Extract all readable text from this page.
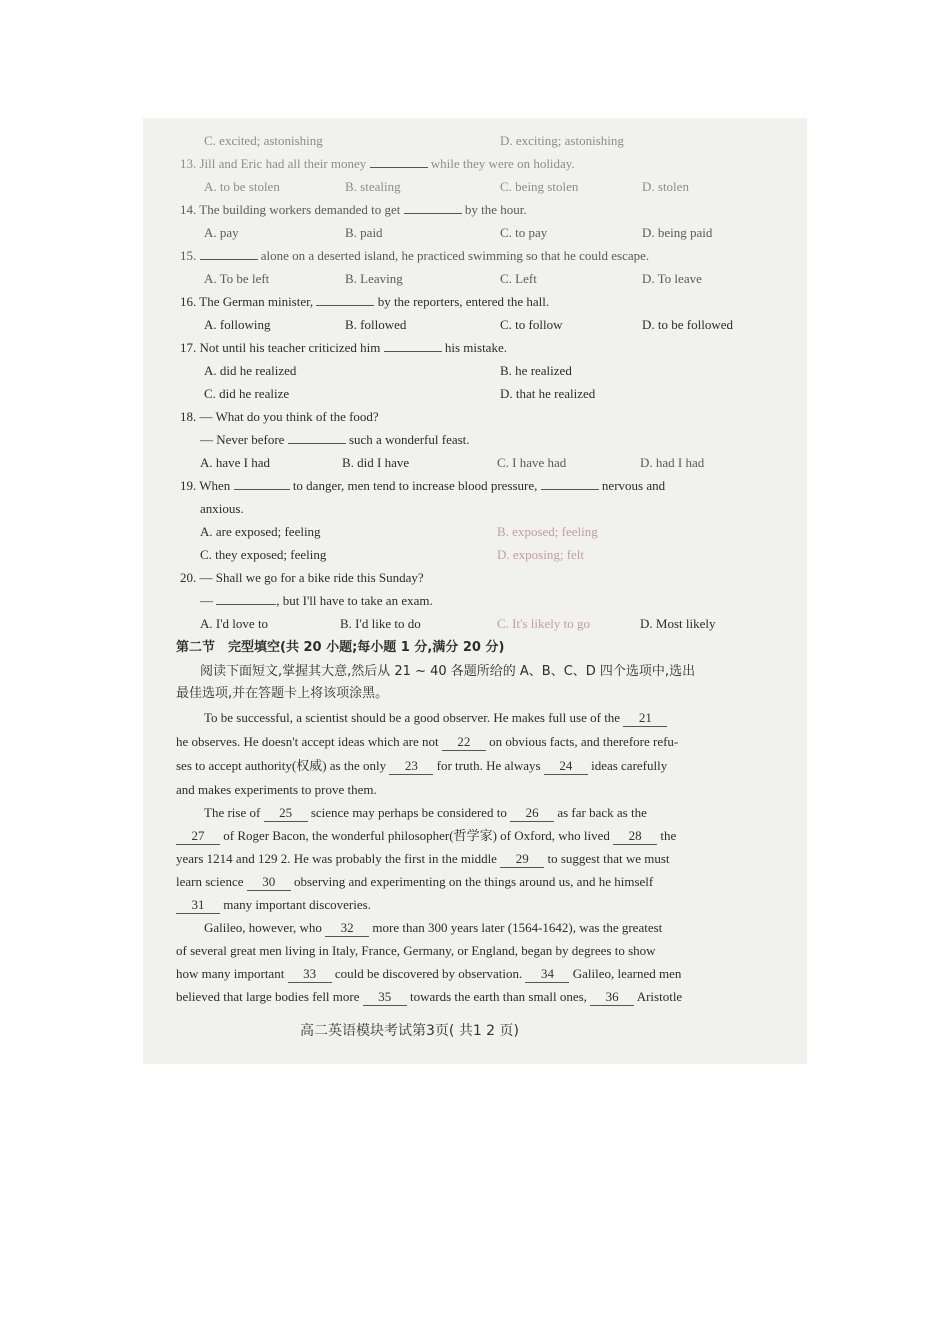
C. excited; astonishing	D. exciting; astonishing
13. Jill and Eric had all their money	while they were on holiday.
A. to be stolen	B. stealing	C. being stolen	D. stolen
14. The building workers demanded to get	by the hour.
A. pay	B. paid	C. to pay	D. being paid
15.	alone on a deserted island, he practiced swimming so that he could escape.
A. To be left	B. Leaving	C. Left	D. To leave
16. The German minister,	by the reporters, entered the hall.
A. following	B. followed	C. to follow	D. to be followed
17. Not until his teacher criticized him	his mistake.
A. did he realized	B. he realized
C. did he realize	D. that he realized
18. — What do you think of the food?
— Never before	such a wonderful feast.
A. have I had	B. did I have	C. I have had	D. had I had
19. When	to danger, men tend to increase blood pressure,	nervous and
anxious.
A. are exposed; feeling	B. exposed; feeling
C. they exposed; feeling	D. exposing; felt
20. — Shall we go for a bike ride this Sunday?
—	, but I'll have to take an exam.
A. I'd love to	B. I'd like to do	C. It's likely to go	D. Most likely
第二节　完型填空(共 20 小题;每小题 1 分,满分 20 分)
阅读下面短文,掌握其大意,然后从 21 ~ 40 各题所给的 A、B、C、D 四个选项中,选出
最佳选项,并在答题卡上将该项涂黑。
To be successful, a scientist should be a good observer. He makes full use of the 21
he observes. He doesn't accept ideas which are not 22 on obvious facts, and therefore refu-
ses to accept authority(权威) as the only 23 for truth. He always 24 ideas carefully
and makes experiments to prove them.
The rise of 25 science may perhaps be considered to 26 as far back as the
27 of Roger Bacon, the wonderful philosopher(哲学家) of Oxford, who lived 28 the
years 1214 and 129 2. He was probably the first in the middle 29 to suggest that we must
learn science 30 observing and experimenting on the things around us, and he himself
31 many important discoveries.
Galileo, however, who 32 more than 300 years later (1564-1642), was the greatest
of several great men living in Italy, France, Germany, or England, began by degrees to show
how many important 33 could be discovered by observation. 34 Galileo, learned men
believed that large bodies fell more 35 towards the earth than small ones, 36 Aristotle
高二英语模块考试第3页( 共1 2 页)
